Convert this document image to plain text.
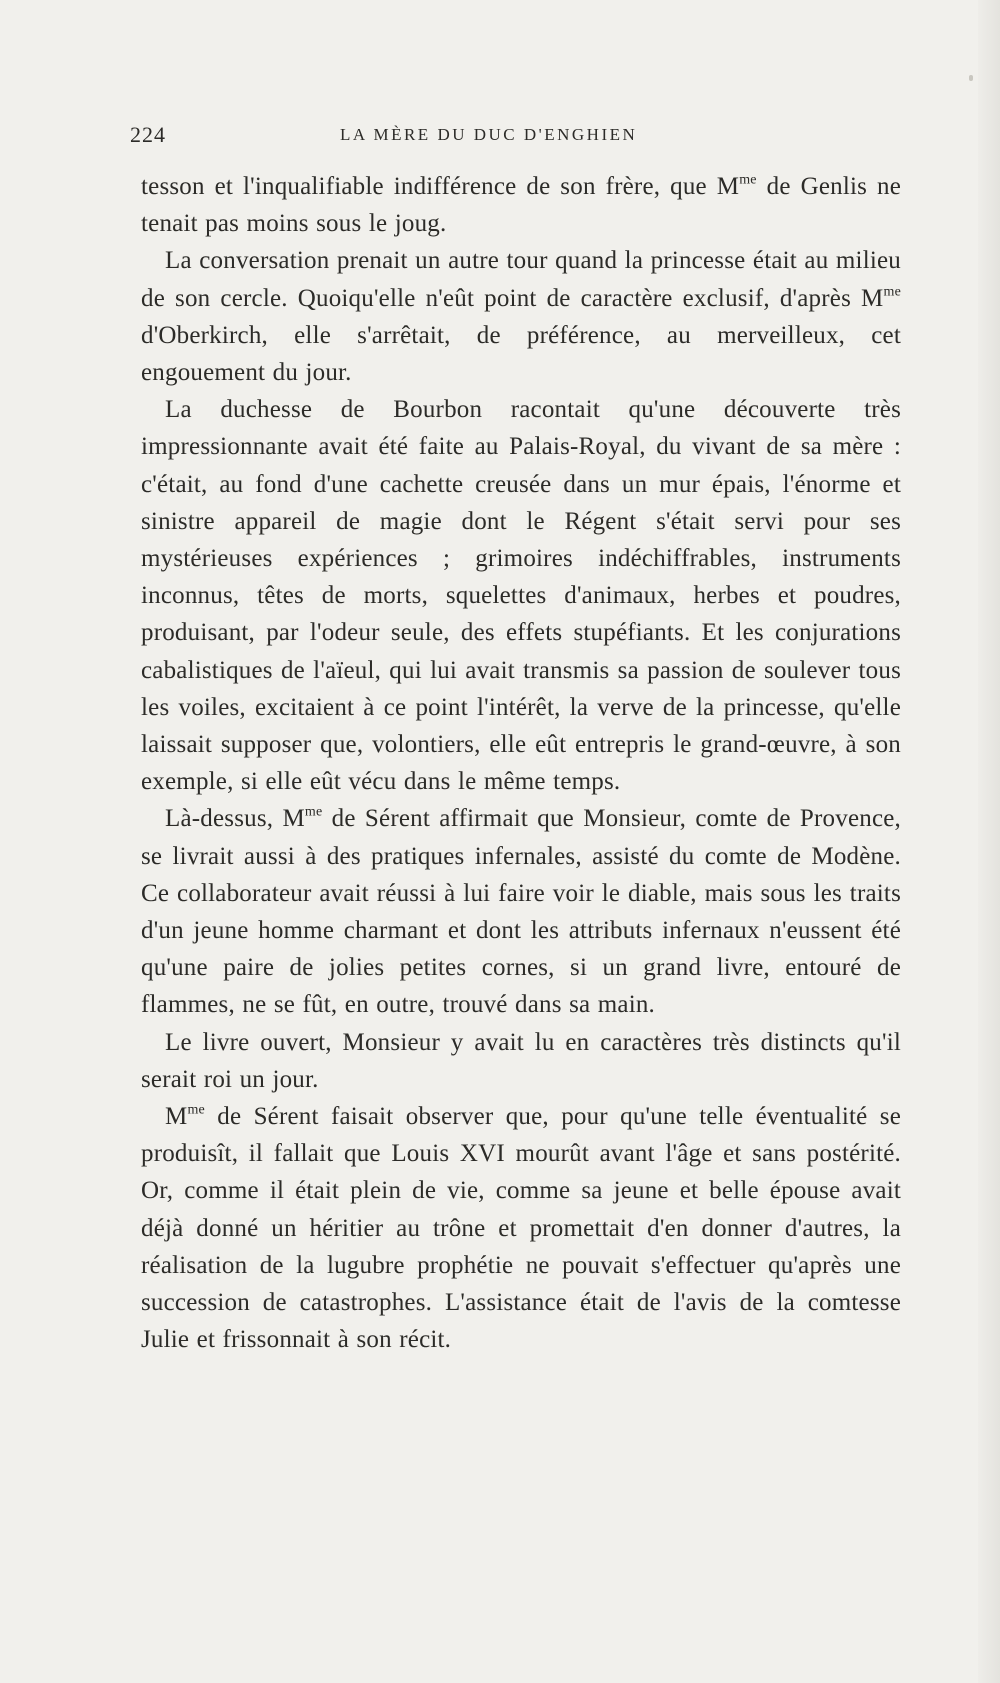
224	LA MÈRE DU DUC D'ENGHIEN

tesson et l'inqualifiable indifférence de son frère, que $M^{me}$ de Genlis ne tenait pas moins sous le joug.

La conversation prenait un autre tour quand la princesse était au milieu de son cercle. Quoiqu'elle n'eût point de caractère exclusif, d'après $M^{me}$ d'Oberkirch, elle s'arrêtait, de préférence, au merveilleux, cet engouement du jour.

La duchesse de Bourbon racontait qu'une découverte très impressionnante avait été faite au Palais-Royal, du vivant de sa mère : c'était, au fond d'une cachette creusée dans un mur épais, l'énorme et sinistre appareil de magie dont le Régent s'était servi pour ses mystérieuses expériences ; grimoires indéchiffrables, instruments inconnus, têtes de morts, squelettes d'animaux, herbes et poudres, produisant, par l'odeur seule, des effets stupéfiants. Et les conjurations cabalistiques de l'aïeul, qui lui avait transmis sa passion de soulever tous les voiles, excitaient à ce point l'intérêt, la verve de la princesse, qu'elle laissait supposer que, volontiers, elle eût entrepris le grand-œuvre, à son exemple, si elle eût vécu dans le même temps.

Là-dessus, $M^{me}$ de Sérent affirmait que Monsieur, comte de Provence, se livrait aussi à des pratiques infernales, assisté du comte de Modène. Ce collaborateur avait réussi à lui faire voir le diable, mais sous les traits d'un jeune homme charmant et dont les attributs infernaux n'eussent été qu'une paire de jolies petites cornes, si un grand livre, entouré de flammes, ne se fût, en outre, trouvé dans sa main.

Le livre ouvert, Monsieur y avait lu en caractères très distincts qu'il serait roi un jour.

$M^{me}$ de Sérent faisait observer que, pour qu'une telle éventualité se produisît, il fallait que Louis XVI mourût avant l'âge et sans postérité. Or, comme il était plein de vie, comme sa jeune et belle épouse avait déjà donné un héritier au trône et promettait d'en donner d'autres, la réalisation de la lugubre prophétie ne pouvait s'effectuer qu'après une succession de catastrophes. L'assistance était de l'avis de la comtesse Julie et frissonnait à son récit.
